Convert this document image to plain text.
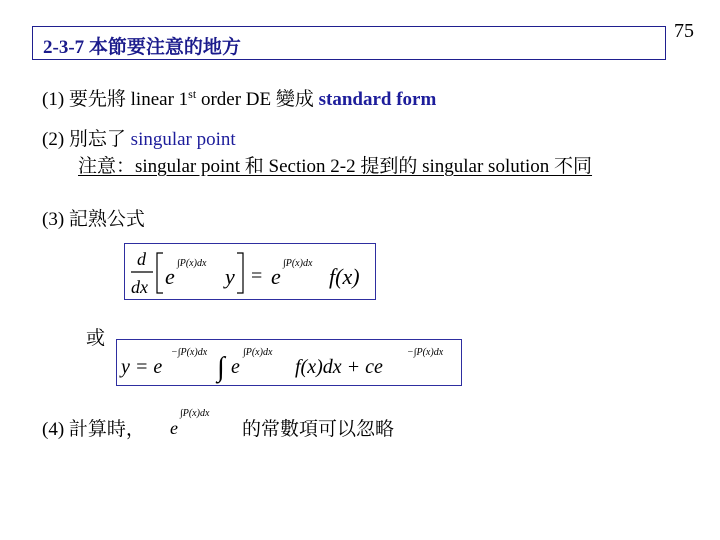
2-3-7 本節要注意的地方
75
(1) 要先將 linear 1st order DE 變成 standard form
(2) 別忘了 singular point
注意：singular point 和 Section 2-2 提到的 singular solution 不同
(3) 記熟公式
d
dx e
∫P(x)dx
y = e
∫P(x)dx
f(x)
或
y = e
−∫P(x)dx ∫ e
∫P(x)dx
f(x)dx + ce
−∫P(x)dx
(4) 計算時， e
∫P(x)dx
的常數項可以忽略
